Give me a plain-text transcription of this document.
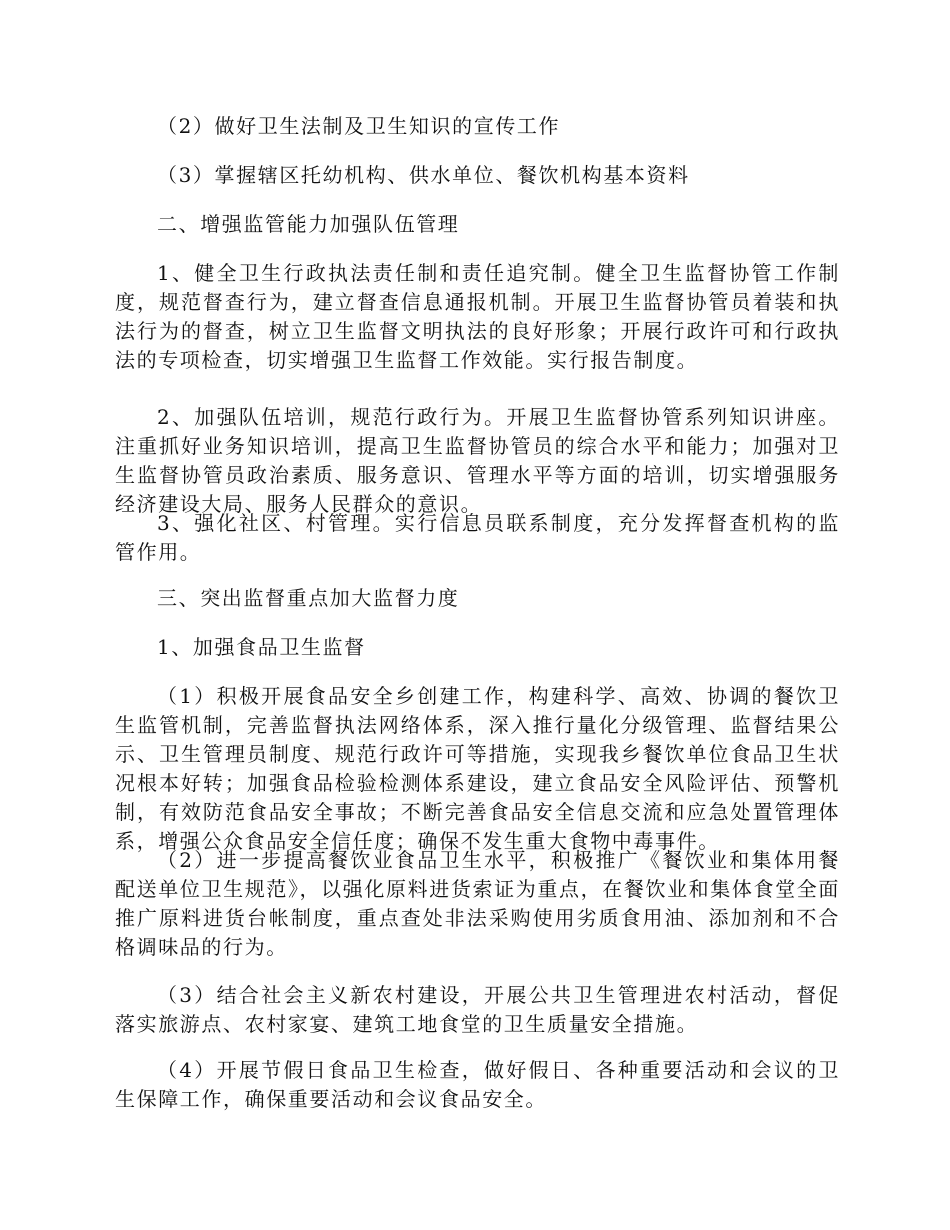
（2）做好卫生法制及卫生知识的宣传工作

（3）掌握辖区托幼机构、供水单位、餐饮机构基本资料

二、增强监管能力加强队伍管理

1、健全卫生行政执法责任制和责任追究制。健全卫生监督协管工作制度，规范督查行为，建立督查信息通报机制。开展卫生监督协管员着装和执法行为的督查，树立卫生监督文明执法的良好形象；开展行政许可和行政执法的专项检查，切实增强卫生监督工作效能。实行报告制度。

2、加强队伍培训，规范行政行为。开展卫生监督协管系列知识讲座。注重抓好业务知识培训，提高卫生监督协管员的综合水平和能力；加强对卫生监督协管员政治素质、服务意识、管理水平等方面的培训，切实增强服务经济建设大局、服务人民群众的意识。

3、强化社区、村管理。实行信息员联系制度，充分发挥督查机构的监管作用。

三、突出监督重点加大监督力度

1、加强食品卫生监督

（1）积极开展食品安全乡创建工作，构建科学、高效、协调的餐饮卫生监管机制，完善监督执法网络体系，深入推行量化分级管理、监督结果公示、卫生管理员制度、规范行政许可等措施，实现我乡餐饮单位食品卫生状况根本好转；加强食品检验检测体系建设，建立食品安全风险评估、预警机制，有效防范食品安全事故；不断完善食品安全信息交流和应急处置管理体系，增强公众食品安全信任度；确保不发生重大食物中毒事件。

（2）进一步提高餐饮业食品卫生水平，积极推广《餐饮业和集体用餐配送单位卫生规范》，以强化原料进货索证为重点，在餐饮业和集体食堂全面推广原料进货台帐制度，重点查处非法采购使用劣质食用油、添加剂和不合格调味品的行为。

（3）结合社会主义新农村建设，开展公共卫生管理进农村活动，督促落实旅游点、农村家宴、建筑工地食堂的卫生质量安全措施。

（4）开展节假日食品卫生检查，做好假日、各种重要活动和会议的卫生保障工作，确保重要活动和会议食品安全。
